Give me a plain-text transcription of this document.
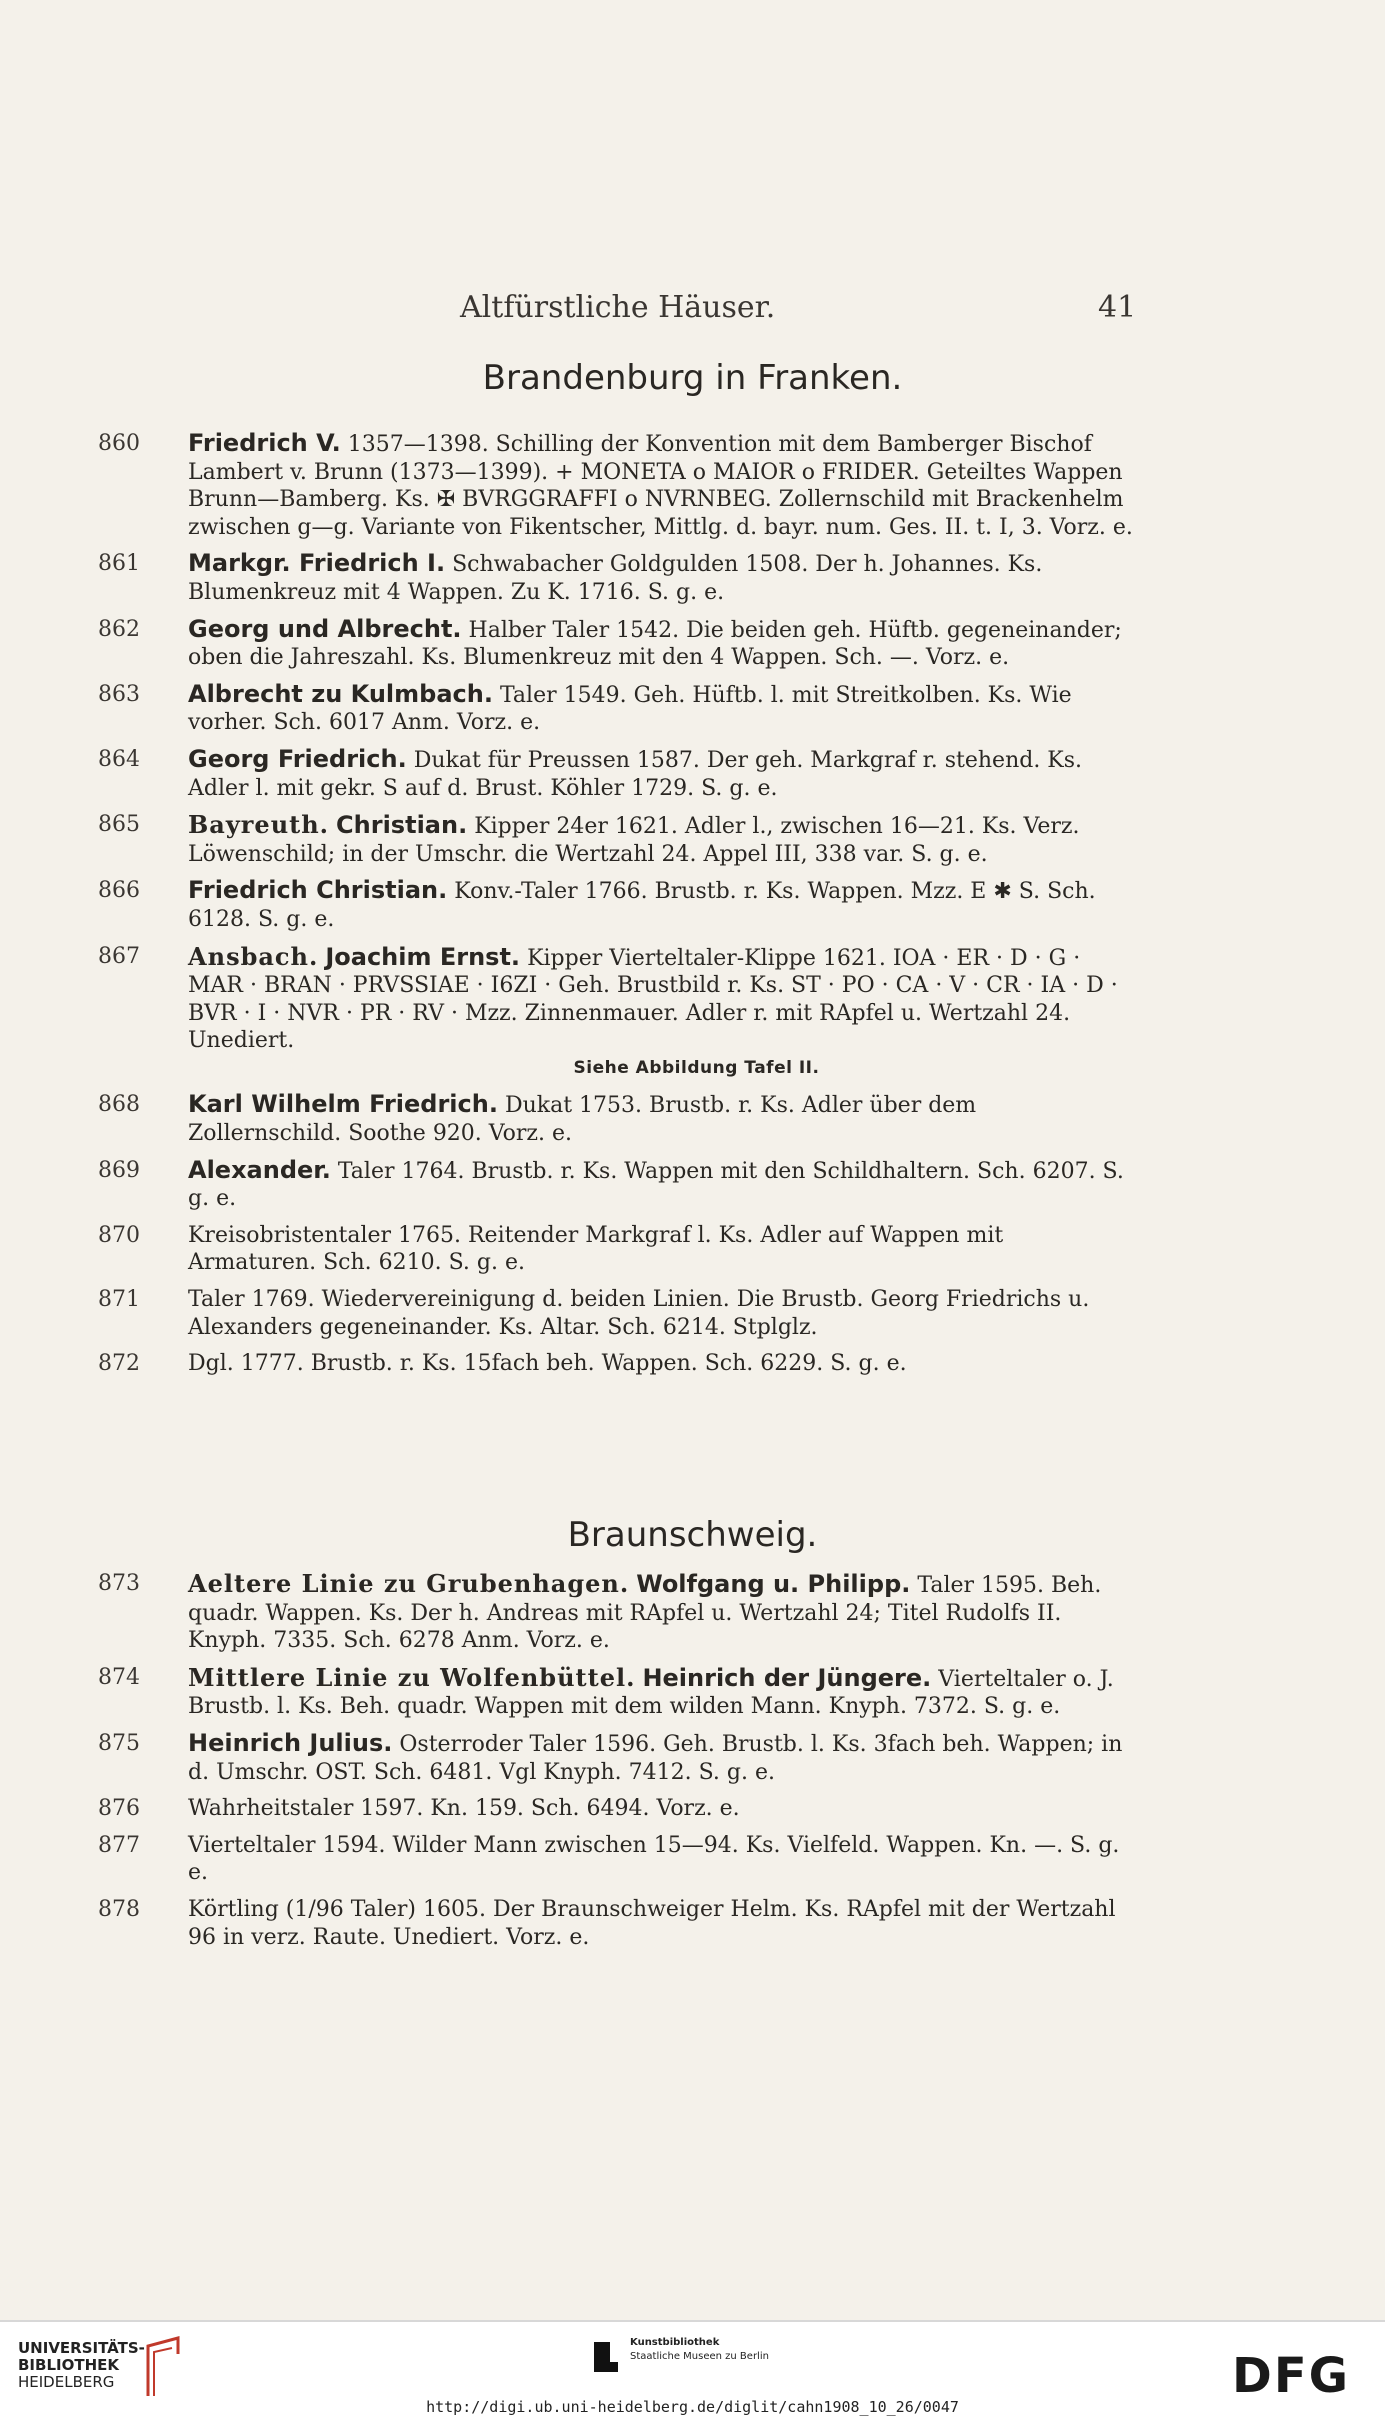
Altfürstliche Häuser.	41
Brandenburg in Franken.
860 Friedrich V. 1357—1398. Schilling der Konvention mit dem Bamberger Bischof Lambert v. Brunn (1373—1399). + MONETA o MAIOR o FRIDER. Geteiltes Wappen Brunn—Bamberg. Ks. ✠ BVRGGRAFFI o NVRNBEG. Zollernschild mit Brackenhelm zwischen g—g. Variante von Fikentscher, Mittlg. d. bayr. num. Ges. II. t. I, 3. Vorz. e.
861 Markgr. Friedrich I. Schwabacher Goldgulden 1508. Der h. Johannes. Ks. Blumenkreuz mit 4 Wappen. Zu K. 1716. S. g. e.
862 Georg und Albrecht. Halber Taler 1542. Die beiden geh. Hüftb. gegeneinander; oben die Jahreszahl. Ks. Blumenkreuz mit den 4 Wappen. Sch. —. Vorz. e.
863 Albrecht zu Kulmbach. Taler 1549. Geh. Hüftb. l. mit Streitkolben. Ks. Wie vorher. Sch. 6017 Anm. Vorz. e.
864 Georg Friedrich. Dukat für Preussen 1587. Der geh. Markgraf r. stehend. Ks. Adler l. mit gekr. S auf d. Brust. Köhler 1729. S. g. e.
865 Bayreuth. Christian. Kipper 24er 1621. Adler l., zwischen 16—21. Ks. Verz. Löwenschild; in der Umschr. die Wertzahl 24. Appel III, 338 var. S. g. e.
866 Friedrich Christian. Konv.-Taler 1766. Brustb. r. Ks. Wappen. Mzz. E ✱ S. Sch. 6128. S. g. e.
867 Ansbach. Joachim Ernst. Kipper Vierteltaler-Klippe 1621. IOA · ER · D · G · MAR · BRAN · PRVSSIAE · I6ZI · Geh. Brustbild r. Ks. ST · PO · CA · V · CR · IA · D · BVR · I · NVR · PR · RV · Mzz. Zinnenmauer. Adler r. mit RApfel u. Wertzahl 24. Unediert.
Siehe Abbildung Tafel II.
868 Karl Wilhelm Friedrich. Dukat 1753. Brustb. r. Ks. Adler über dem Zollernschild. Soothe 920. Vorz. e.
869 Alexander. Taler 1764. Brustb. r. Ks. Wappen mit den Schildhaltern. Sch. 6207. S. g. e.
870 Kreisobristentaler 1765. Reitender Markgraf l. Ks. Adler auf Wappen mit Armaturen. Sch. 6210. S. g. e.
871 Taler 1769. Wiedervereinigung d. beiden Linien. Die Brustb. Georg Friedrichs u. Alexanders gegeneinander. Ks. Altar. Sch. 6214. Stplglz.
872 Dgl. 1777. Brustb. r. Ks. 15fach beh. Wappen. Sch. 6229. S. g. e.
Braunschweig.
873 Aeltere Linie zu Grubenhagen. Wolfgang u. Philipp. Taler 1595. Beh. quadr. Wappen. Ks. Der h. Andreas mit RApfel u. Wertzahl 24; Titel Rudolfs II. Knyph. 7335. Sch. 6278 Anm. Vorz. e.
874 Mittlere Linie zu Wolfenbüttel. Heinrich der Jüngere. Vierteltaler o. J. Brustb. l. Ks. Beh. quadr. Wappen mit dem wilden Mann. Knyph. 7372. S. g. e.
875 Heinrich Julius. Osterroder Taler 1596. Geh. Brustb. l. Ks. 3fach beh. Wappen; in d. Umschr. OST. Sch. 6481. Vgl Knyph. 7412. S. g. e.
876 Wahrheitstaler 1597. Kn. 159. Sch. 6494. Vorz. e.
877 Vierteltaler 1594. Wilder Mann zwischen 15—94. Ks. Vielfeld. Wappen. Kn. —. S. g. e.
878 Körtling (1/96 Taler) 1605. Der Braunschweiger Helm. Ks. RApfel mit der Wertzahl 96 in verz. Raute. Unediert. Vorz. e.
UNIVERSITÄTS-
BIBLIOTHEK
HEIDELBERG
Kunstbibliothek
Staatliche Museen zu Berlin	DFG
http://digi.ub.uni-heidelberg.de/diglit/cahn1908_10_26/0047
